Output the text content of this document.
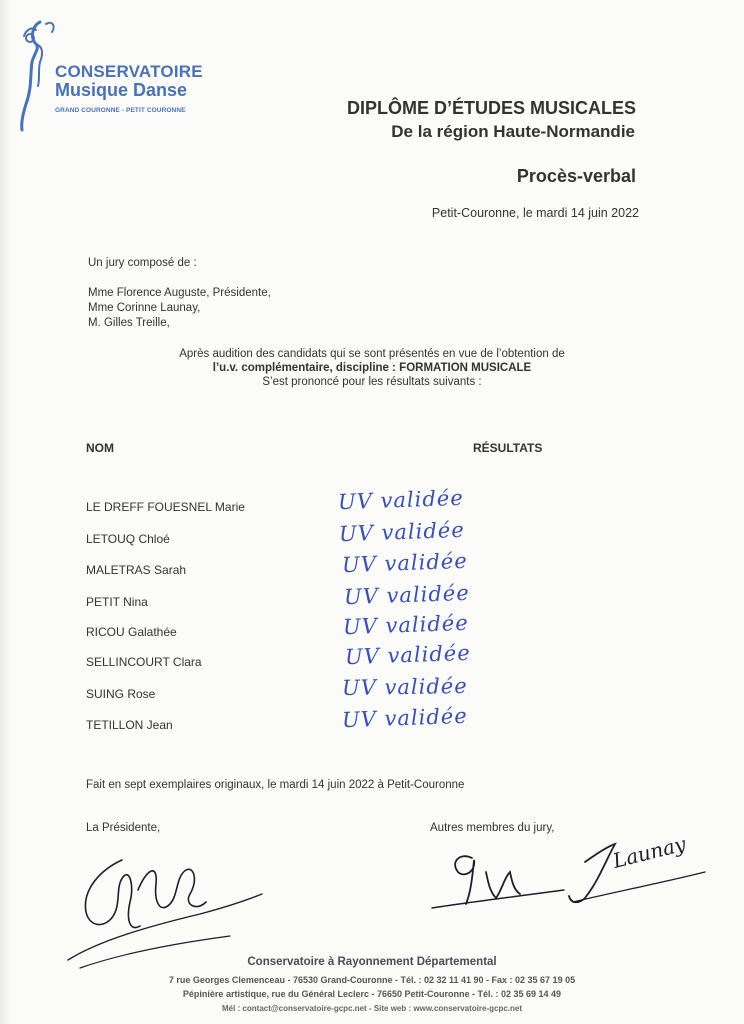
CONSERVATOIRE
Musique Danse
GRAND COURONNE - PETIT COURONNE	DIPLÔME D’ÉTUDES MUSICALES
De la région Haute-Normandie
Procès-verbal
Petit-Couronne, le mardi 14 juin 2022
Un jury composé de :
Mme Florence Auguste, Présidente,
Mme Corinne Launay,
M. Gilles Treille,
Après audition des candidats qui se sont présentés en vue de l’obtention de
l’u.v. complémentaire, discipline : FORMATION MUSICALE
S’est prononcé pour les résultats suivants :
NOM	RÉSULTATS
LE DREFF FOUESNEL Marie	UV validée
LETOUQ Chloé	UV validée
MALETRAS Sarah	UV validée
PETIT Nina	UV validée
RICOU Galathée	UV validée
SELLINCOURT Clara	UV validée
SUING Rose	UV validée
TETILLON Jean	UV validée
Fait en sept exemplaires originaux, le mardi 14 juin 2022 à Petit-Couronne
La Présidente,	Autres membres du jury,
Launay
Conservatoire à Rayonnement Départemental
7 rue Georges Clemenceau - 76530 Grand-Couronne - Tél. : 02 32 11 41 90 - Fax : 02 35 67 19 05
Pépinière artistique, rue du Général Leclerc - 76650 Petit-Couronne - Tél. : 02 35 69 14 49
Mél : contact@conservatoire-gcpc.net - Site web : www.conservatoire-gcpc.net
